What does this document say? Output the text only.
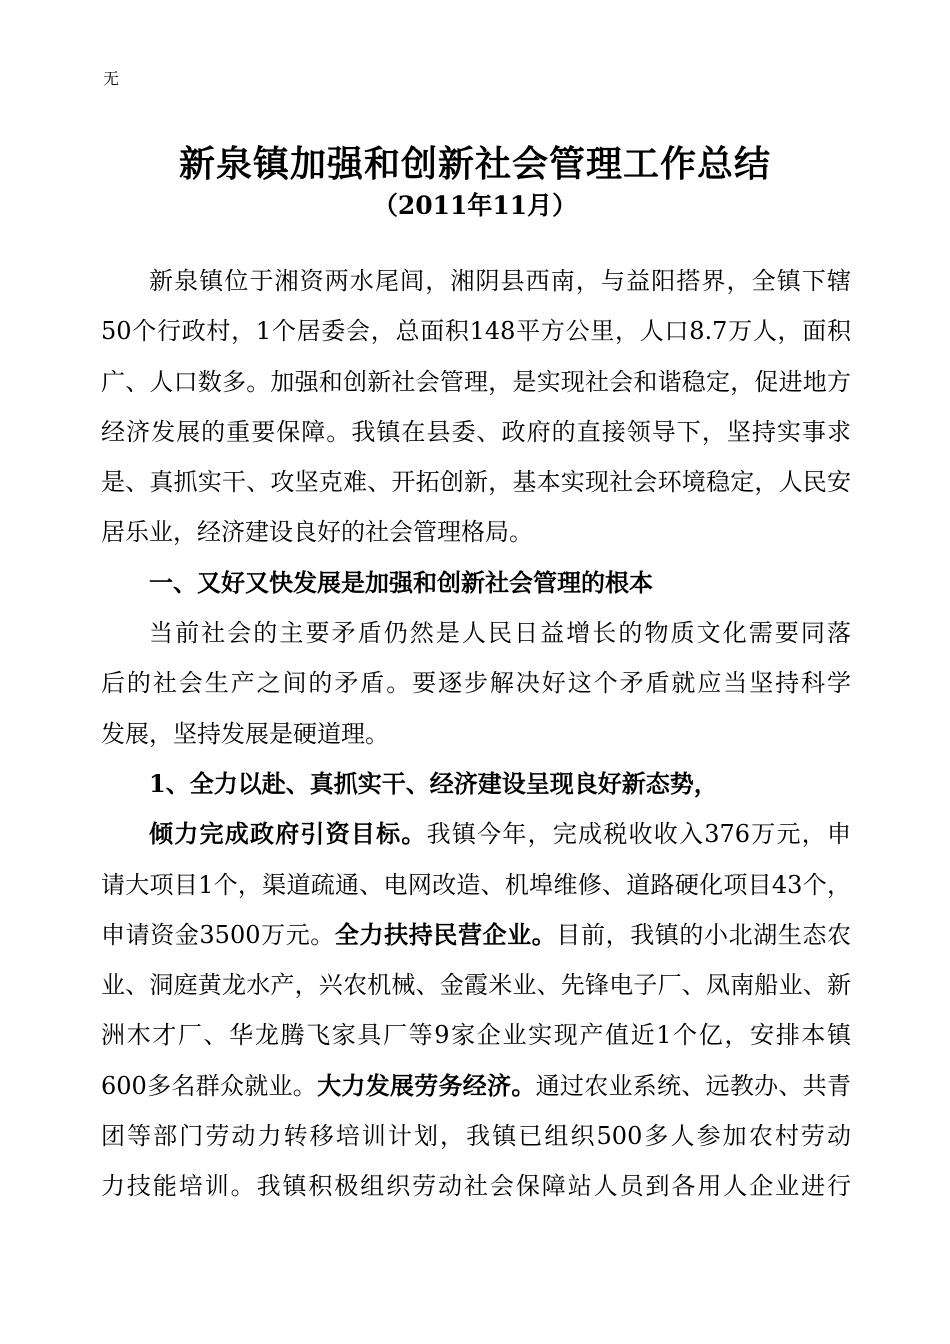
无
新泉镇加强和创新社会管理工作总结
（2011年11月）
新泉镇位于湘资两水尾闾，湘阴县西南，与益阳搭界，全镇下辖
50个行政村，1个居委会，总面积148平方公里，人口8.7万人，面积
广、人口数多。加强和创新社会管理，是实现社会和谐稳定，促进地方
经济发展的重要保障。我镇在县委、政府的直接领导下，坚持实事求
是、真抓实干、攻坚克难、开拓创新，基本实现社会环境稳定，人民安
居乐业，经济建设良好的社会管理格局。
一、又好又快发展是加强和创新社会管理的根本
当前社会的主要矛盾仍然是人民日益增长的物质文化需要同落
后的社会生产之间的矛盾。要逐步解决好这个矛盾就应当坚持科学
发展，坚持发展是硬道理。
1、全力以赴、真抓实干、经济建设呈现良好新态势，
倾力完成政府引资目标。我镇今年，完成税收收入376万元，申
请大项目1个，渠道疏通、电网改造、机埠维修、道路硬化项目43个，
申请资金3500万元。全力扶持民营企业。目前，我镇的小北湖生态农
业、洞庭黄龙水产，兴农机械、金霞米业、先锋电子厂、凤南船业、新
洲木才厂、华龙腾飞家具厂等9家企业实现产值近1个亿，安排本镇
600多名群众就业。大力发展劳务经济。通过农业系统、远教办、共青
团等部门劳动力转移培训计划，我镇已组织500多人参加农村劳动
力技能培训。我镇积极组织劳动社会保障站人员到各用人企业进行
